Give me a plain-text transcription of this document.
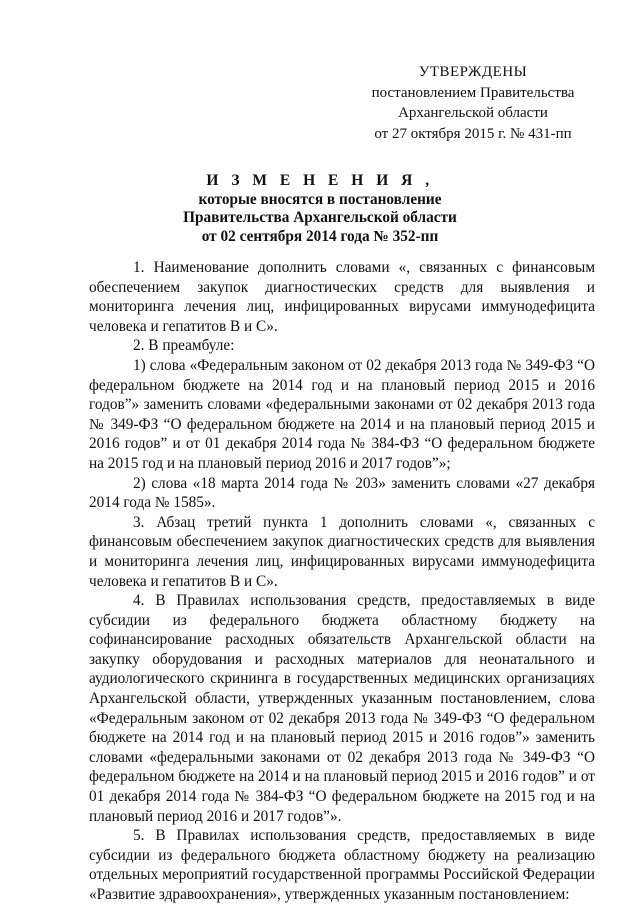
УТВЕРЖДЕНЫ
постановлением Правительства
Архангельской области
от 27 октября 2015 г. № 431-пп
И З М Е Н Е Н И Я ,
которые вносятся в постановление
Правительства Архангельской области
от 02 сентября 2014 года № 352-пп

1. Наименование дополнить словами «, связанных с финансовым обеспечением закупок диагностических средств для выявления и мониторинга лечения лиц, инфицированных вирусами иммунодефицита человека и гепатитов В и С».

2. В преамбуле:

1) слова «Федеральным законом от 02 декабря 2013 года № 349-ФЗ “О федеральном бюджете на 2014 год и на плановый период 2015 и 2016 годов”» заменить словами «федеральными законами от 02 декабря 2013 года № 349-ФЗ “О федеральном бюджете на 2014 и на плановый период 2015 и 2016 годов” и от 01 декабря 2014 года № 384-ФЗ “О федеральном бюджете на 2015 год и на плановый период 2016 и 2017 годов”»;

2) слова «18 марта 2014 года № 203» заменить словами «27 декабря 2014 года № 1585».

3. Абзац третий пункта 1 дополнить словами «, связанных с финансовым обеспечением закупок диагностических средств для выявления и мониторинга лечения лиц, инфицированных вирусами иммунодефицита человека и гепатитов В и С».

4. В Правилах использования средств, предоставляемых в виде субсидии из федерального бюджета областному бюджету на софинансирование расходных обязательств Архангельской области на закупку оборудования и расходных материалов для неонатального и аудиологического скрининга в государственных медицинских организациях Архангельской области, утвержденных указанным постановлением, слова «Федеральным законом от 02 декабря 2013 года № 349-ФЗ “О федеральном бюджете на 2014 год и на плановый период 2015 и 2016 годов”» заменить словами «федеральными законами от 02 декабря 2013 года № 349-ФЗ “О федеральном бюджете на 2014 и на плановый период 2015 и 2016 годов” и от 01 декабря 2014 года № 384-ФЗ “О федеральном бюджете на 2015 год и на плановый период 2016 и 2017 годов”».

5. В Правилах использования средств, предоставляемых в виде субсидии из федерального бюджета областному бюджету на реализацию отдельных мероприятий государственной программы Российской Федерации «Развитие здравоохранения», утвержденных указанным постановлением:
